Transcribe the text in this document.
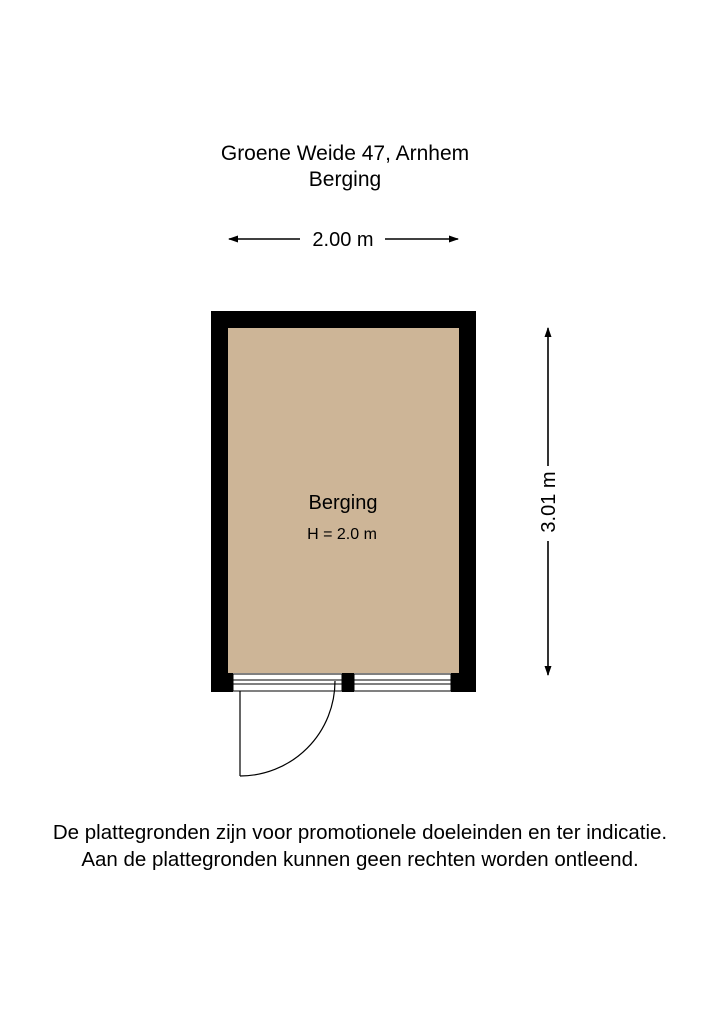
Groene Weide 47, Arnhem
Berging
2.00 m
3.01 m
Berging
H = 2.0 m
De plattegronden zijn voor promotionele doeleinden en ter indicatie.
Aan de plattegronden kunnen geen rechten worden ontleend.
